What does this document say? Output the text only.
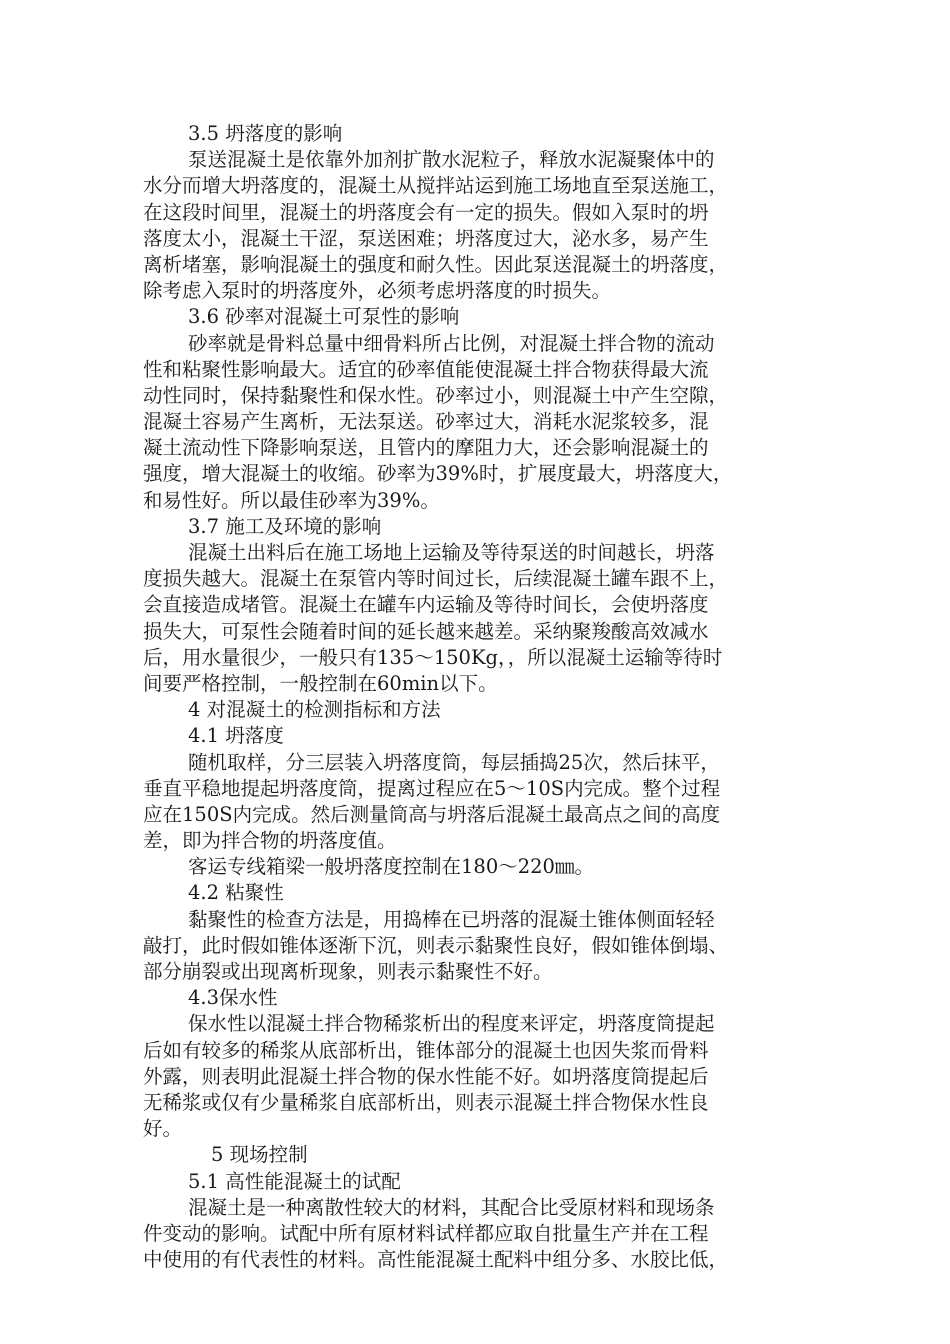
3.5 坍落度的影响
泵送混凝土是依靠外加剂扩散水泥粒子，释放水泥凝聚体中的
水分而增大坍落度的，混凝土从搅拌站运到施工场地直至泵送施工，
在这段时间里，混凝土的坍落度会有一定的损失。假如入泵时的坍
落度太小，混凝土干涩，泵送困难；坍落度过大，泌水多，易产生
离析堵塞，影响混凝土的强度和耐久性。因此泵送混凝土的坍落度，
除考虑入泵时的坍落度外，必须考虑坍落度的时损失。
3.6 砂率对混凝土可泵性的影响
砂率就是骨料总量中细骨料所占比例，对混凝土拌合物的流动
性和粘聚性影响最大。适宜的砂率值能使混凝土拌合物获得最大流
动性同时，保持黏聚性和保水性。砂率过小，则混凝土中产生空隙，
混凝土容易产生离析，无法泵送。砂率过大，消耗水泥浆较多，混
凝土流动性下降影响泵送，且管内的摩阻力大，还会影响混凝土的
强度，增大混凝土的收缩。砂率为39%时，扩展度最大，坍落度大，
和易性好。所以最佳砂率为39%。
3.7 施工及环境的影响
混凝土出料后在施工场地上运输及等待泵送的时间越长，坍落
度损失越大。混凝土在泵管内等时间过长，后续混凝土罐车跟不上，
会直接造成堵管。混凝土在罐车内运输及等待时间长，会使坍落度
损失大，可泵性会随着时间的延长越来越差。采纳聚羧酸高效减水
后，用水量很少，一般只有135～150Kg，，所以混凝土运输等待时
间要严格控制，一般控制在60min以下。
4 对混凝土的检测指标和方法
4.1 坍落度
随机取样，分三层装入坍落度筒，每层插捣25次，然后抹平，
垂直平稳地提起坍落度筒，提离过程应在5～10S内完成。整个过程
应在150S内完成。然后测量筒高与坍落后混凝土最高点之间的高度
差，即为拌合物的坍落度值。
客运专线箱梁一般坍落度控制在180～220㎜。
4.2 粘聚性
黏聚性的检查方法是，用捣棒在已坍落的混凝土锥体侧面轻轻
敲打，此时假如锥体逐渐下沉，则表示黏聚性良好，假如锥体倒塌、
部分崩裂或出现离析现象，则表示黏聚性不好。
4.3保水性
保水性以混凝土拌合物稀浆析出的程度来评定，坍落度筒提起
后如有较多的稀浆从底部析出，锥体部分的混凝土也因失浆而骨料
外露，则表明此混凝土拌合物的保水性能不好。如坍落度筒提起后
无稀浆或仅有少量稀浆自底部析出，则表示混凝土拌合物保水性良
好。
5 现场控制
5.1 高性能混凝土的试配
混凝土是一种离散性较大的材料，其配合比受原材料和现场条
件变动的影响。试配中所有原材料试样都应取自批量生产并在工程
中使用的有代表性的材料。高性能混凝土配料中组分多、水胶比低，
